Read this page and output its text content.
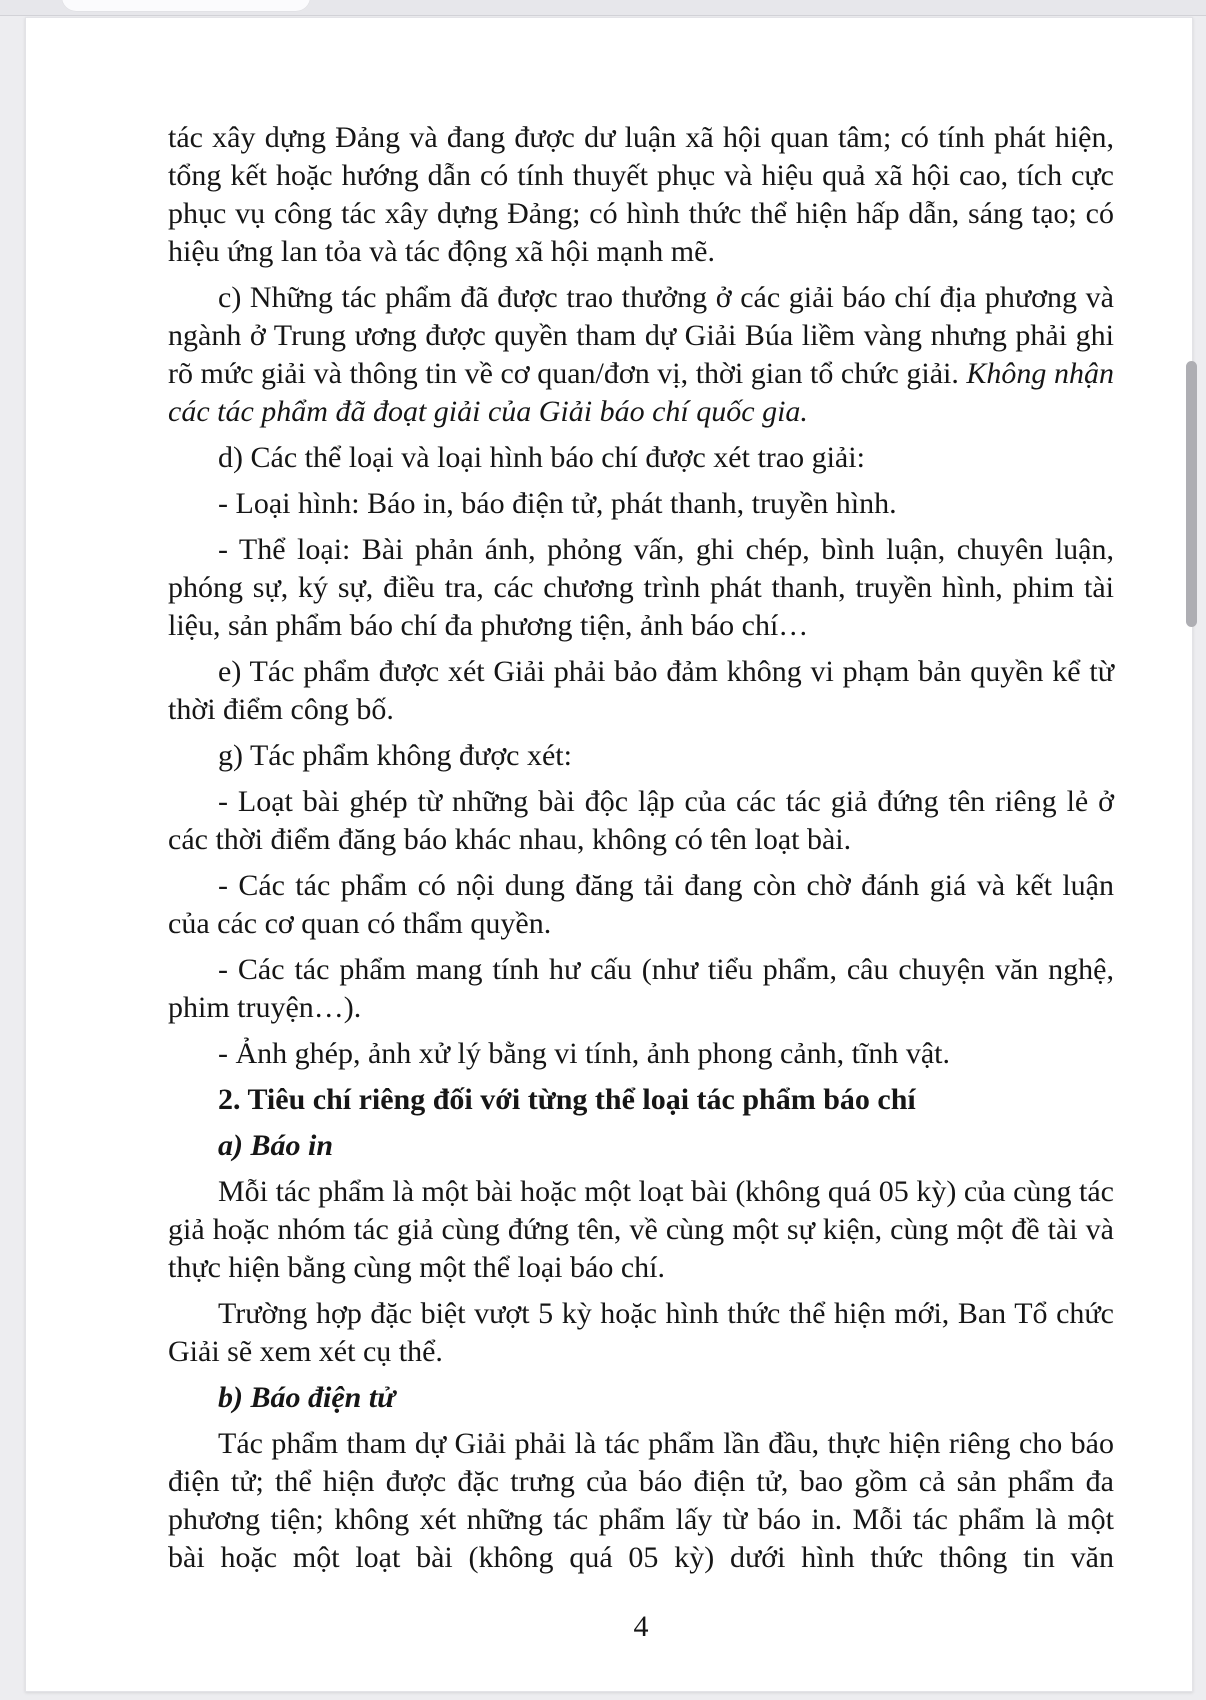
tác xây dựng Đảng và đang được dư luận xã hội quan tâm; có tính phát hiện, tổng kết hoặc hướng dẫn có tính thuyết phục và hiệu quả xã hội cao, tích cực phục vụ công tác xây dựng Đảng; có hình thức thể hiện hấp dẫn, sáng tạo; có hiệu ứng lan tỏa và tác động xã hội mạnh mẽ.

c) Những tác phẩm đã được trao thưởng ở các giải báo chí địa phương và ngành ở Trung ương được quyền tham dự Giải Búa liềm vàng nhưng phải ghi rõ mức giải và thông tin về cơ quan/đơn vị, thời gian tổ chức giải. Không nhận các tác phẩm đã đoạt giải của Giải báo chí quốc gia.

d) Các thể loại và loại hình báo chí được xét trao giải:

- Loại hình: Báo in, báo điện tử, phát thanh, truyền hình.

- Thể loại: Bài phản ánh, phỏng vấn, ghi chép, bình luận, chuyên luận, phóng sự, ký sự, điều tra, các chương trình phát thanh, truyền hình, phim tài liệu, sản phẩm báo chí đa phương tiện, ảnh báo chí…

e) Tác phẩm được xét Giải phải bảo đảm không vi phạm bản quyền kể từ thời điểm công bố.

g) Tác phẩm không được xét:

- Loạt bài ghép từ những bài độc lập của các tác giả đứng tên riêng lẻ ở các thời điểm đăng báo khác nhau, không có tên loạt bài.

- Các tác phẩm có nội dung đăng tải đang còn chờ đánh giá và kết luận của các cơ quan có thẩm quyền.

- Các tác phẩm mang tính hư cấu (như tiểu phẩm, câu chuyện văn nghệ, phim truyện…).

- Ảnh ghép, ảnh xử lý bằng vi tính, ảnh phong cảnh, tĩnh vật.

2. Tiêu chí riêng đối với từng thể loại tác phẩm báo chí

a) Báo in

Mỗi tác phẩm là một bài hoặc một loạt bài (không quá 05 kỳ) của cùng tác giả hoặc nhóm tác giả cùng đứng tên, về cùng một sự kiện, cùng một đề tài và thực hiện bằng cùng một thể loại báo chí.

Trường hợp đặc biệt vượt 5 kỳ hoặc hình thức thể hiện mới, Ban Tổ chức Giải sẽ xem xét cụ thể.

b) Báo điện tử

Tác phẩm tham dự Giải phải là tác phẩm lần đầu, thực hiện riêng cho báo điện tử; thể hiện được đặc trưng của báo điện tử, bao gồm cả sản phẩm đa phương tiện; không xét những tác phẩm lấy từ báo in. Mỗi tác phẩm là một bài hoặc một loạt bài (không quá 05 kỳ) dưới hình thức thông tin văn

4
